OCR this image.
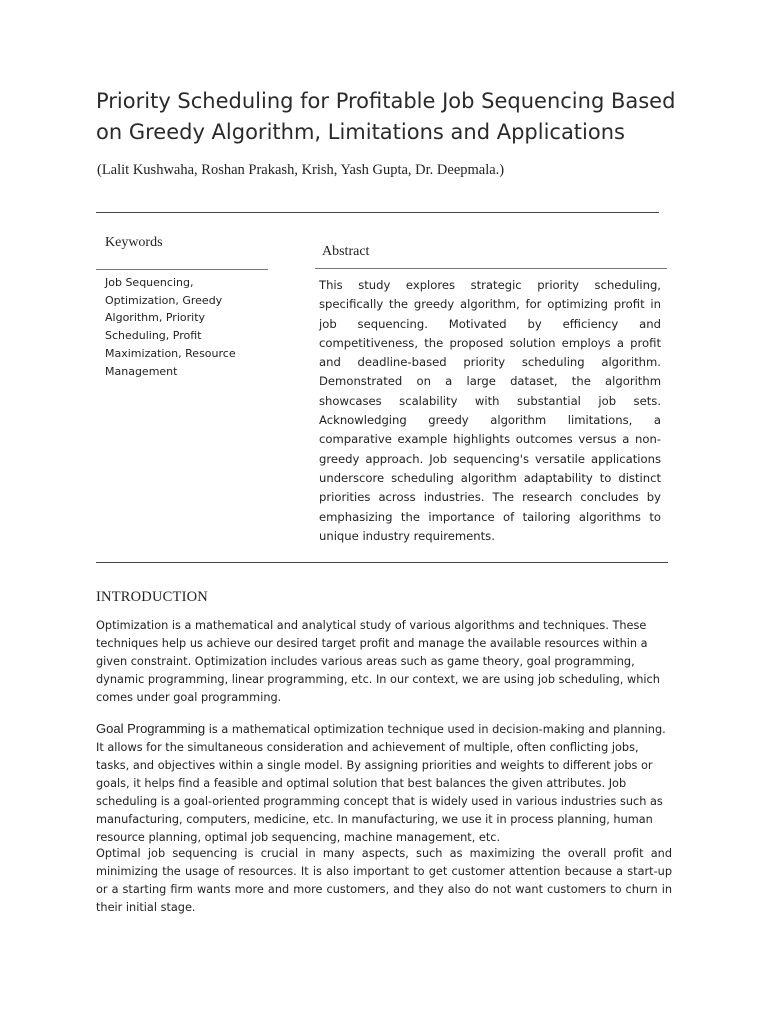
Priority Scheduling for Profitable Job Sequencing Based on Greedy Algorithm, Limitations and Applications
(Lalit Kushwaha, Roshan Prakash, Krish, Yash Gupta, Dr. Deepmala.)
Keywords

Job Sequencing, Optimization, Greedy Algorithm, Priority Scheduling, Profit Maximization, Resource Management

Abstract

This study explores strategic priority scheduling, specifically the greedy algorithm, for optimizing profit in job sequencing. Motivated by efficiency and competitiveness, the proposed solution employs a profit and deadline-based priority scheduling algorithm. Demonstrated on a large dataset, the algorithm showcases scalability with substantial job sets. Acknowledging greedy algorithm limitations, a comparative example highlights outcomes versus a non-greedy approach. Job sequencing's versatile applications underscore scheduling algorithm adaptability to distinct priorities across industries. The research concludes by emphasizing the importance of tailoring algorithms to unique industry requirements.

INTRODUCTION

Optimization is a mathematical and analytical study of various algorithms and techniques. These techniques help us achieve our desired target profit and manage the available resources within a given constraint. Optimization includes various areas such as game theory, goal programming, dynamic programming, linear programming, etc. In our context, we are using job scheduling, which comes under goal programming.

Goal Programming is a mathematical optimization technique used in decision-making and planning. It allows for the simultaneous consideration and achievement of multiple, often conflicting jobs, tasks, and objectives within a single model. By assigning priorities and weights to different jobs or goals, it helps find a feasible and optimal solution that best balances the given attributes. Job scheduling is a goal-oriented programming concept that is widely used in various industries such as manufacturing, computers, medicine, etc. In manufacturing, we use it in process planning, human resource planning, optimal job sequencing, machine management, etc.

Optimal job sequencing is crucial in many aspects, such as maximizing the overall profit and minimizing the usage of resources. It is also important to get customer attention because a start-up or a starting firm wants more and more customers, and they also do not want customers to churn in their initial stage.
